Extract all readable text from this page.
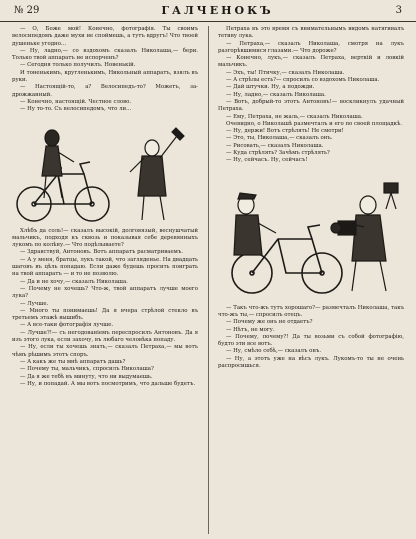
№ 29	ГАЛЧЕНОКЪ	3

— О, Боже мой! Конечно, фотографія. Ты своимъ велосипедомъ даже мухи не споймешь, а тутъ вдругъ! Что твоей душеньке угодно...

— Ну, ладно,— со вздохомъ сказалъ Николаша,— бери. Только твой аппаратъ не испорченъ?

— Сегодня только получилъ. Новенькій.

И тоненькимъ, кругленькимъ, Никольный аппаратъ, взялъ въ руки.

— Настоящій-то, а? Велосипедъ-то? Можетъ, за-дрожжанный.

— Конечно, настоящій. Честное слово.

— Ну то-то. Съ велосипедомъ, что ли...

Хлѣбъ да соль!— сказалъ высокій, долговязый, веснушчатый мальчикъ, подходя къ сквозь и показывая себе деревянныхъ лукомъ по колѣну.— Что подѣлываете?

— Здравствуй, Антоновъ. Вотъ аппаратъ расматриваемъ.

— А у меня, братцы, лукъ такой, что загляденье. На двадцать шаговъ въ цѣль попадаю. Если даже будешь просить поиграть на твой аппаратъ — и то не позволю.

— Да и не хочу,— сказалъ Николаша.

— Почему не хочешь? Что-ж, твой аппаратъ лучше моего лука?

— Лучше.

— Много ты понимаешь! Да я вчера стрѣлой стекло въ третьемъ этажѣ вышибъ.

— А все-таки фотографія лучше.

— Лучше?!— съ негодованіемъ переспросилъ Антоновъ. Да я изъ этого лука, если захочу, въ любаго человѣка попаду.

— Ну, если ты хочешь знать,— сказалъ Петраха,— мы вотъ чѣмъ рѣшимъ этотъ споръ.

— А какъ же ты мнѣ аппаратъ дашь?

— Почему ты, мальчикъ, спросилъ Николаша?

— Да я же тебѣ въ минуту, что ни выдумаешь.

— Ну, и попадай. А мы вотъ посмотримъ, что дальше будетъ.

Петраха въ это время съ внимательнымъ видомъ натягивалъ тетиву лука.

— Петраха,— сказалъ Николаша, смотря на лукъ разгорѣвшимися глазами.— Что дороже?

— Конечно, лукъ,— сказалъ Петраха, верткій и ловкій мальчикъ.

— Эхъ, ты! Птичку,— сказалъ Николаша.

— А стрѣлы есть?— спросилъ со вздохомъ Николаша.

— Дай штучки. Ну, а подожди.

— Ну, ладно,— сказалъ Николаша.

— Вотъ, добрый-то этотъ Антоновъ!— воскликнулъ удачный Петраха.

— Ему, Петраха, не жаль,— сказалъ Николаша.

Очевидно, о Николашѣ размечталъ и его по своей площадкѣ.

— Ну, держи! Вотъ стрѣлять! Не смотри!

— Это, ты, Николаша,— сказалъ онъ.

— Рисовать,— сказалъ Николаша.

— Куда стрѣлять? Зачѣмъ стрѣлять?

— Ну, сейчасъ. Ну, сейчасъ!

— Такъ что-жъ тутъ хорошаго?— размечталъ Николаша, такъ что-жъ ты,— спросилъ отецъ.

— Почему же онъ не отдаетъ?

— Нѣтъ, не могу.

— Почему, почему?! Да ты возьми съ собой фотографію, будто эти все вотъ.

— Ну, смѣло себѣ,— сказалъ онъ.

— Ну, а этотъ уже на вѣсъ лукъ. Лукомъ-то ты не очень распросишься.
